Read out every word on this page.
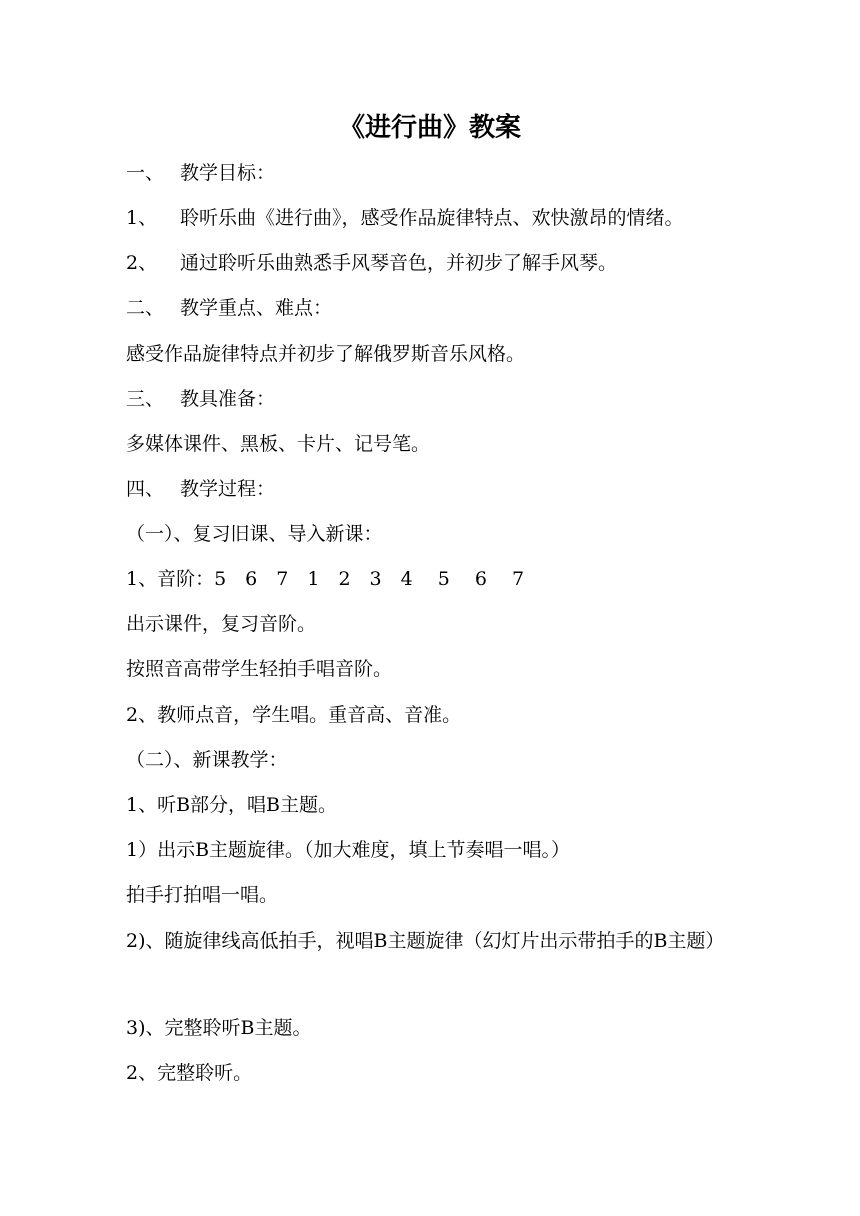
《进行曲》教案

一、 教学目标：

1、 聆听乐曲《进行曲》，感受作品旋律特点、欢快激昂的情绪。

2、 通过聆听乐曲熟悉手风琴音色，并初步了解手风琴。

二、 教学重点、难点：

感受作品旋律特点并初步了解俄罗斯音乐风格。

三、 教具准备：

多媒体课件、黑板、卡片、记号笔。

四、 教学过程：

（一）、复习旧课、导入新课：

1、音阶：5　6　7　1　2　3　4　 5　 6　 7

出示课件，复习音阶。

按照音高带学生轻拍手唱音阶。

2、教师点音，学生唱。重音高、音准。

（二）、新课教学：

1、听B部分，唱B主题。

1）出示B主题旋律。（加大难度，填上节奏唱一唱。）

拍手打拍唱一唱。

2)、随旋律线高低拍手，视唱B主题旋律（幻灯片出示带拍手的B主题）

3)、完整聆听B主题。

2、完整聆听。
